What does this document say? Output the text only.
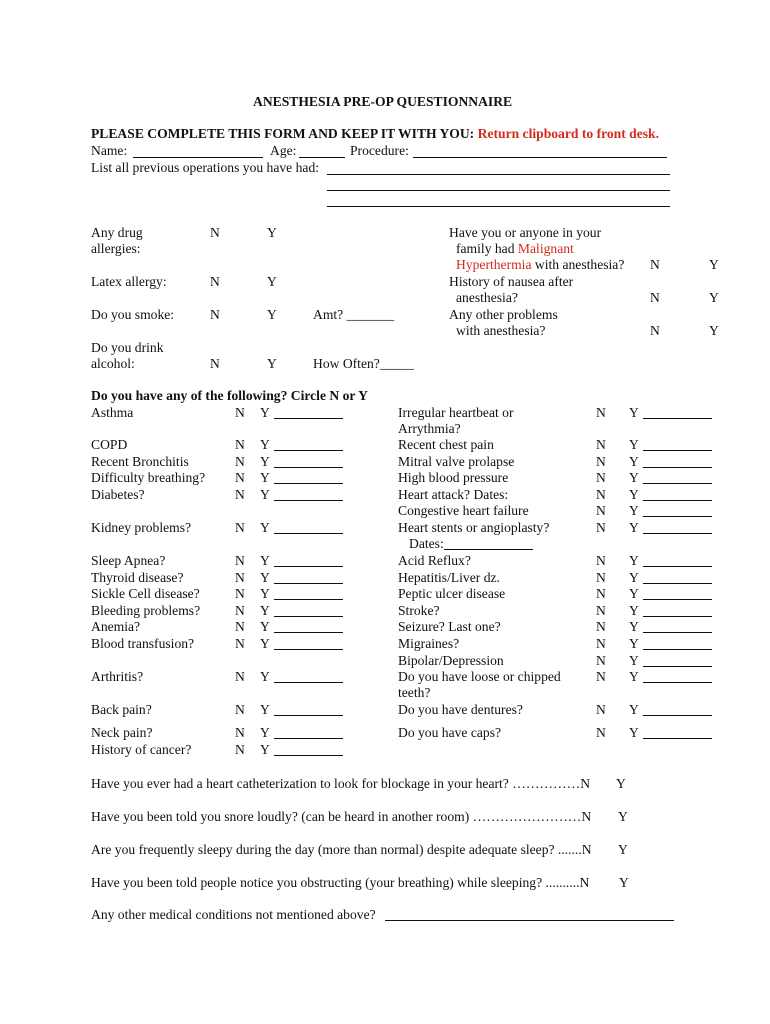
ANESTHESIA PRE-OP QUESTIONNAIRE
PLEASE COMPLETE THIS FORM AND KEEP IT WITH YOU: Return clipboard to front desk.
Name:	Age:	Procedure:
List all previous operations you have had:
Any drug
allergies:
N	Y
Latex allergy:	N	Y
Do you smoke:	N	Y	Amt? _______
Do you drink
alcohol:	N	Y	How Often?_____
Have you or anyone in your
family had Malignant
Hyperthermia with anesthesia? N	Y
History of nausea after
anesthesia?	N	Y
Any other problems
with anesthesia?	N	Y
Do you have any of the following? Circle N or Y
Asthma	N Y
COPD	N Y
Recent Bronchitis	N Y
Difficulty breathing? N Y
Diabetes?	N Y
Kidney problems?	N Y
Sleep Apnea?	N Y
Thyroid disease?	N Y
Sickle Cell disease?	N Y
Bleeding problems?	N Y
Anemia?	N Y
Blood transfusion?	N Y
Arthritis?	N Y
Back pain?	N Y
Neck pain?	N Y
History of cancer?	N Y
Irregular heartbeat or
Arrythmia?
N Y
Recent chest pain	N Y
Mitral valve prolapse	N Y
High blood pressure	N Y
Heart attack? Dates:	N Y
Congestive heart failure	N Y
Heart stents or angioplasty?	N Y
Dates:
Acid Reflux?	N Y
Hepatitis/Liver dz.	N Y
Peptic ulcer disease	N Y
Stroke?	N Y
Seizure? Last one?	N Y
Migraines?	N Y
Bipolar/Depression	N Y
Do you have loose or chipped
teeth?
N Y
Do you have dentures?	N Y
Do you have caps?	N Y
Have you ever had a heart catheterization to look for blockage in your heart? ……………N Y
Have you been told you snore loudly? (can be heard in another room) ……………………N Y
Are you frequently sleepy during the day (more than normal) despite adequate sleep? .......N Y
Have you been told people notice you obstructing (your breathing) while sleeping? ..........N Y
Any other medical conditions not mentioned above?
